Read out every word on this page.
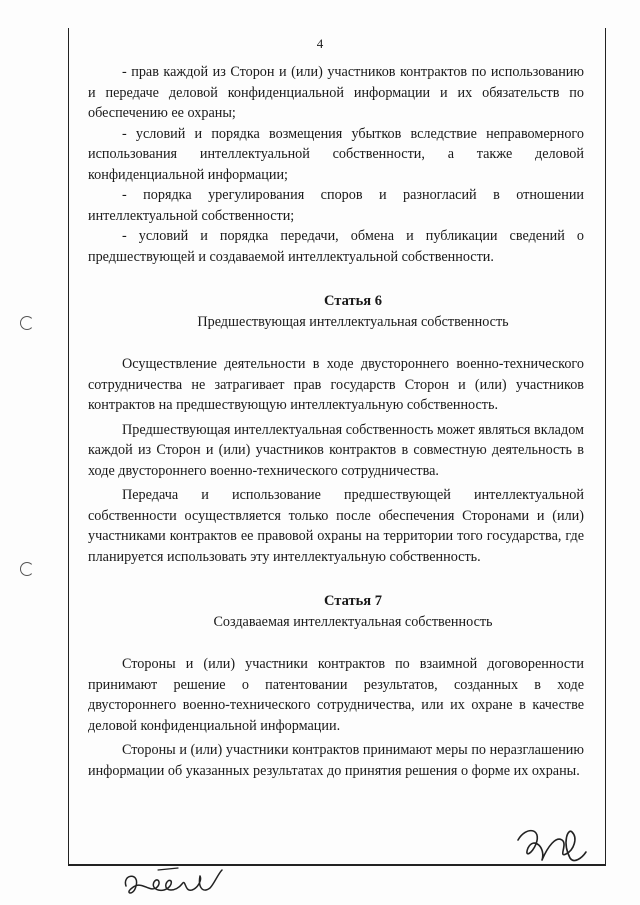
4

- прав каждой из Сторон и (или) участников контрактов по использованию и передаче деловой конфиденциальной информации и их обязательств по обеспечению ее охраны;

- условий и порядка возмещения убытков вследствие неправомерного использования интеллектуальной собственности, а также деловой конфиденциальной информации;

- порядка урегулирования споров и разногласий в отношении интеллектуальной собственности;

- условий и порядка передачи, обмена и публикации сведений о предшествующей и создаваемой интеллектуальной собственности.

Статья 6

Предшествующая интеллектуальная собственность

Осуществление деятельности в ходе двустороннего военно-технического сотрудничества не затрагивает прав государств Сторон и (или) участников контрактов на предшествующую интеллектуальную собственность.

Предшествующая интеллектуальная собственность может являться вкладом каждой из Сторон и (или) участников контрактов в совместную деятельность в ходе двустороннего военно-технического сотрудничества.

Передача и использование предшествующей интеллектуальной собственности осуществляется только после обеспечения Сторонами и (или) участниками контрактов ее правовой охраны на территории того государства, где планируется использовать эту интеллектуальную собственность.

Статья 7

Создаваемая интеллектуальная собственность

Стороны и (или) участники контрактов по взаимной договоренности принимают решение о патентовании результатов, созданных в ходе двустороннего военно-технического сотрудничества, или их охране в качестве деловой конфиденциальной информации.

Стороны и (или) участники контрактов принимают меры по неразглашению информации об указанных результатах до принятия решения о форме их охраны.
